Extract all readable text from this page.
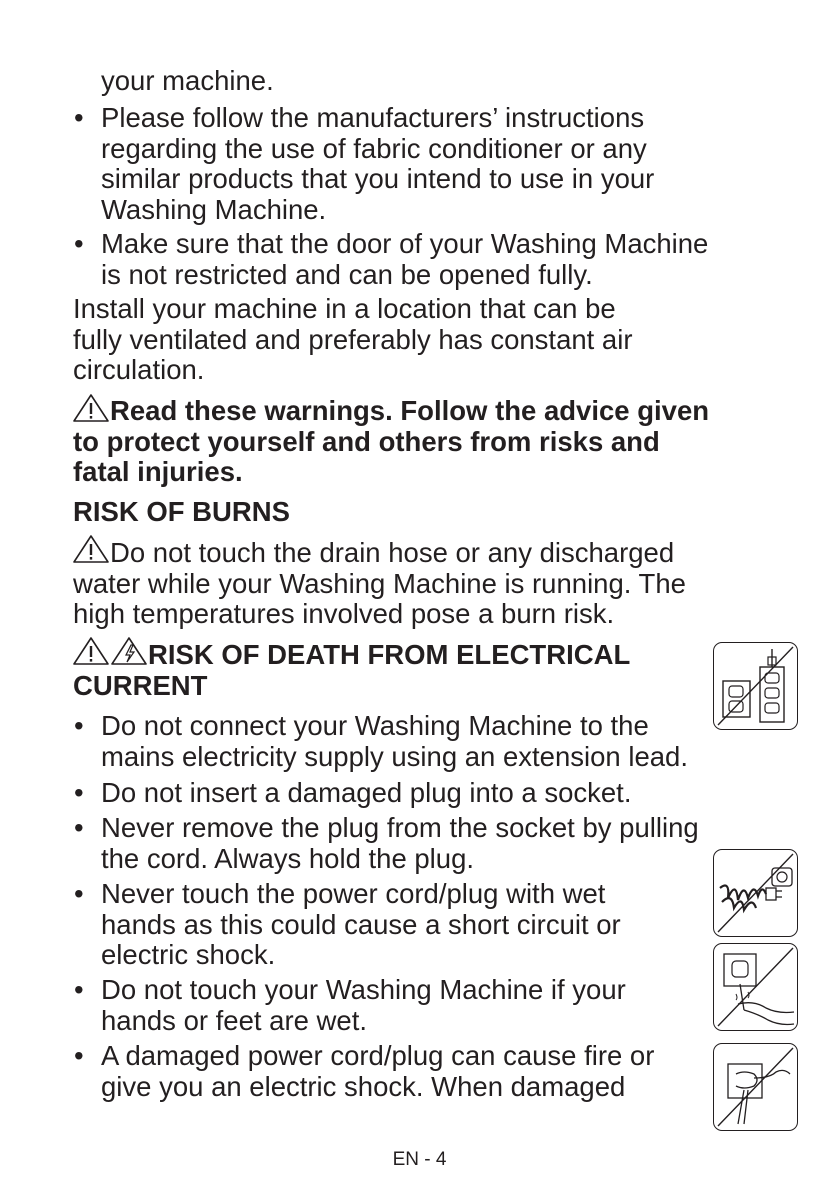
your machine.
• Please follow the manufacturers’ instructions
regarding the use of fabric conditioner or any
similar products that you intend to use in your
Washing Machine.
• Make sure that the door of your Washing Machine
is not restricted and can be opened fully.
Install your machine in a location that can be
fully ventilated and preferably has constant air
circulation.
Read these warnings. Follow the advice given
to protect yourself and others from risks and
fatal injuries.
RISK OF BURNS
Do not touch the drain hose or any discharged
water while your Washing Machine is running. The
high temperatures involved pose a burn risk.
RISK OF DEATH FROM ELECTRICAL
CURRENT
• Do not connect your Washing Machine to the
mains electricity supply using an extension lead.
• Do not insert a damaged plug into a socket.
• Never remove the plug from the socket by pulling
the cord. Always hold the plug.
• Never touch the power cord/plug with wet
hands as this could cause a short circuit or
electric shock.
• Do not touch your Washing Machine if your
hands or feet are wet.
• A damaged power cord/plug can cause fire or
give you an electric shock. When damaged
EN - 4
